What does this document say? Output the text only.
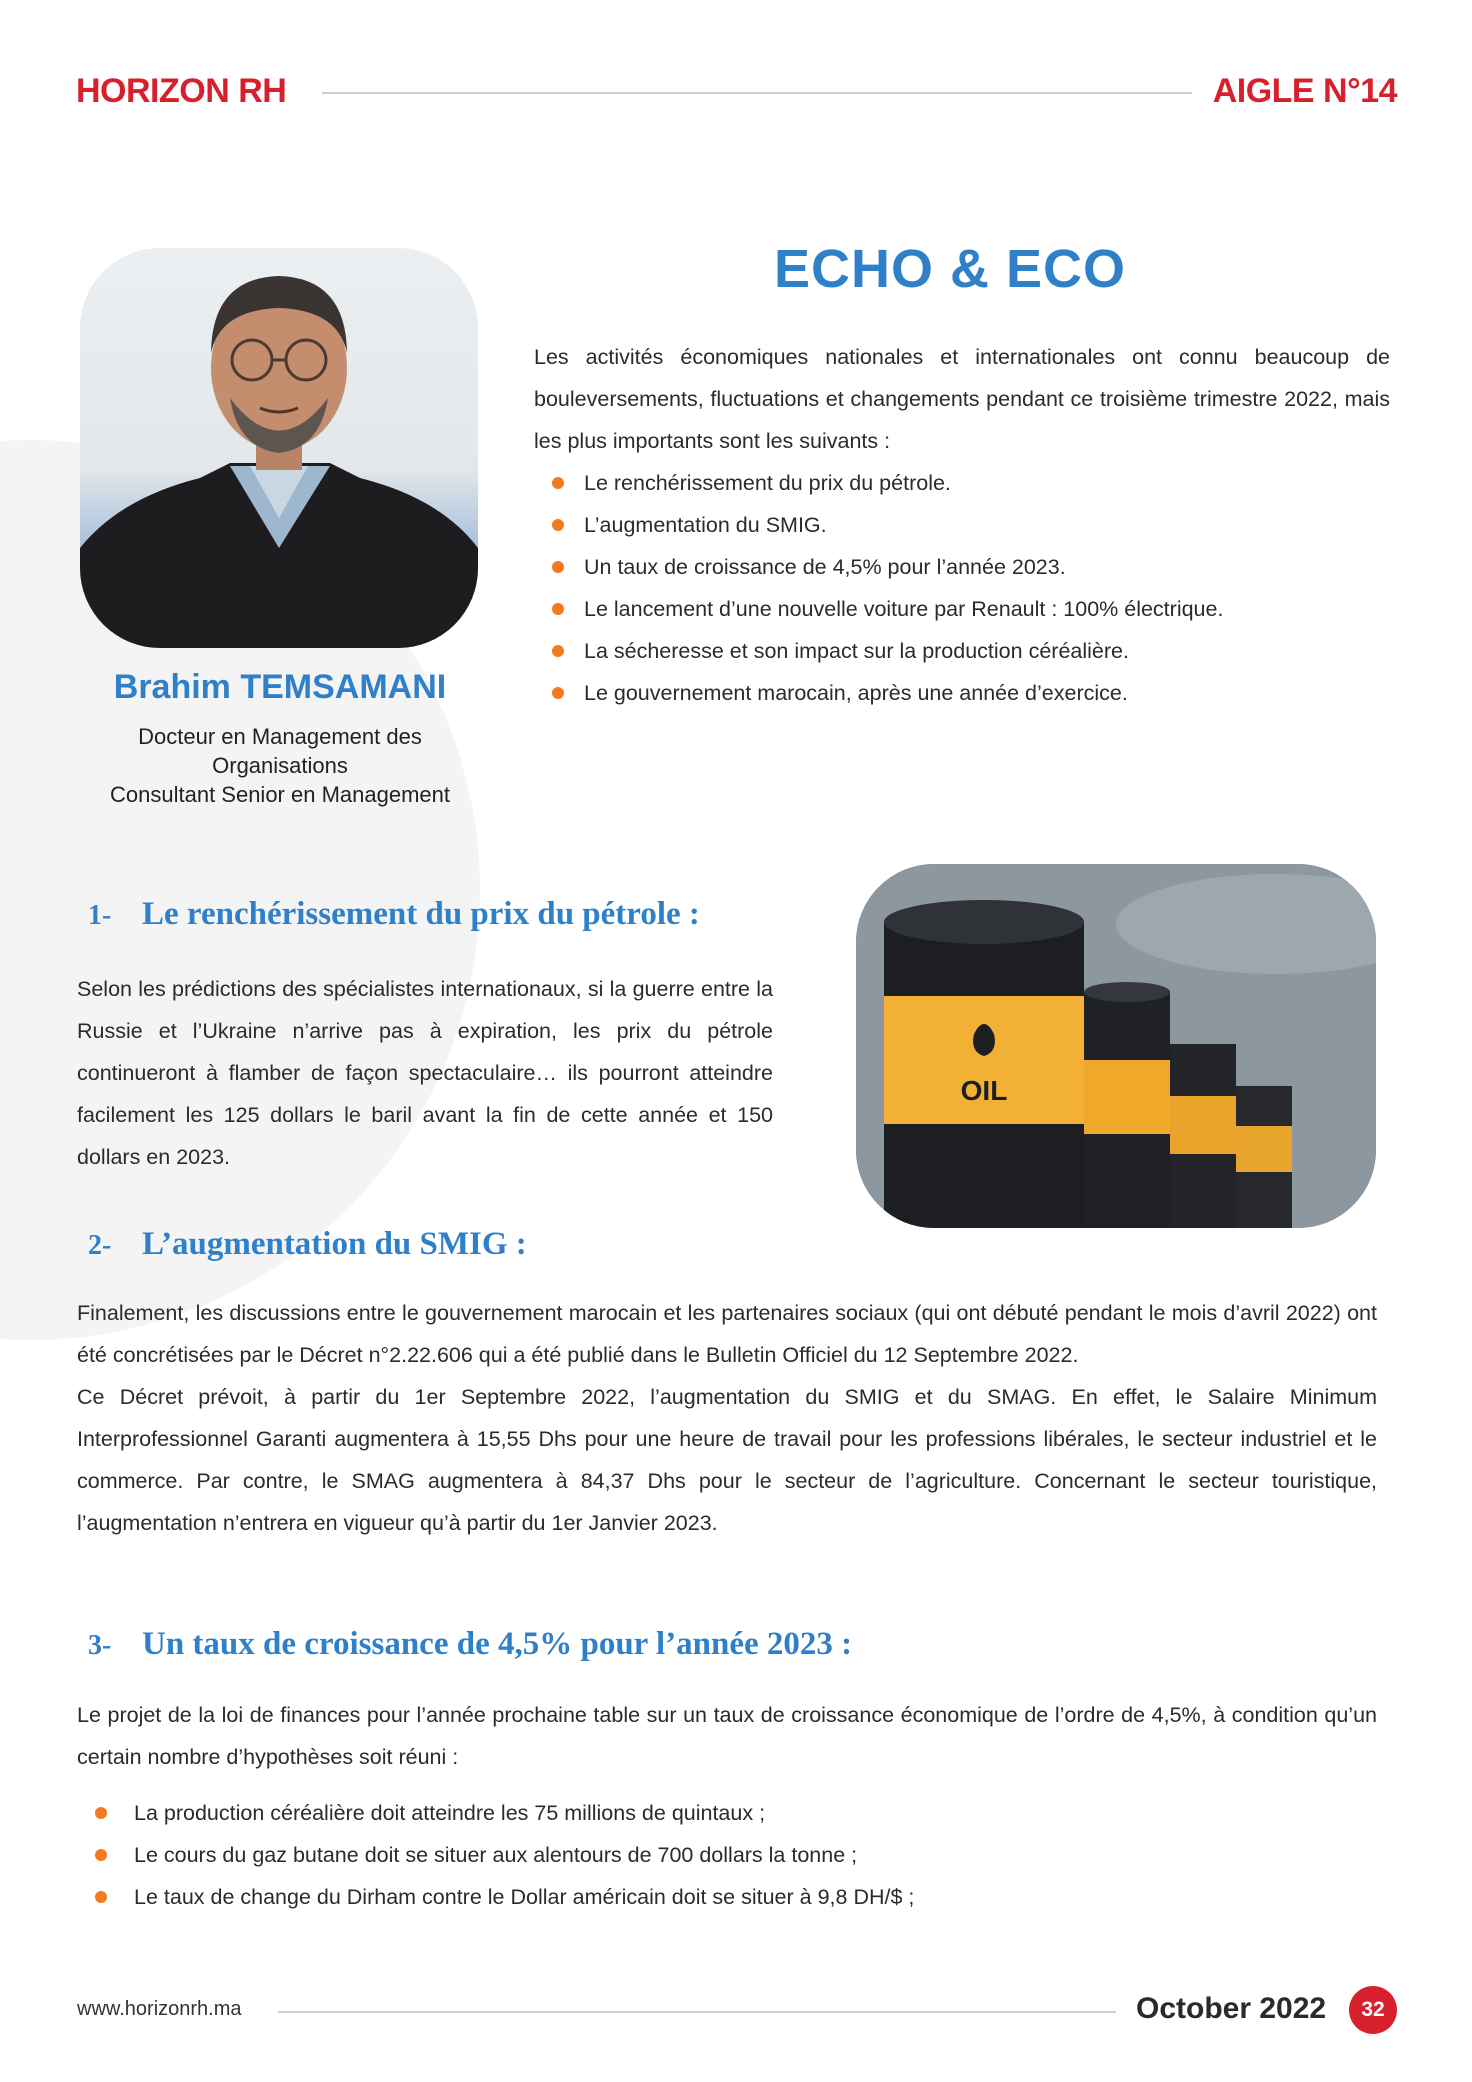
HORIZON RH	AIGLE N°14
Brahim TEMSAMANI
Docteur en Management des
Organisations
Consultant Senior en Management
ECHO & ECO
Les activités économiques nationales et internationales ont connu beaucoup de bouleversements, fluctuations et changements pendant ce troisième trimestre 2022, mais les plus importants sont les suivants :
Le renchérissement du prix du pétrole.
L’augmentation du SMIG.
Un taux de croissance de 4,5% pour l’année 2023.
Le lancement d’une nouvelle voiture par Renault : 100% électrique.
La sécheresse et son impact sur la production céréalière.
Le gouvernement marocain, après une année d’exercice.
1- Le renchérissement du prix du pétrole :
Selon les prédictions des spécialistes internationaux, si la guerre entre la Russie et l’Ukraine n’arrive pas à expiration, les prix du pétrole continueront à flamber de façon spectaculaire… ils pourront atteindre facilement les 125 dollars le baril avant la fin de cette année et 150 dollars en 2023.
OIL
2- L’augmentation du SMIG :

Finalement, les discussions entre le gouvernement marocain et les partenaires sociaux (qui ont débuté pendant le mois d’avril 2022) ont été concrétisées par le Décret n°2.22.606 qui a été publié dans le Bulletin Officiel du 12 Septembre 2022.

Ce Décret prévoit, à partir du 1er Septembre 2022, l’augmentation du SMIG et du SMAG. En effet, le Salaire Minimum Interprofessionnel Garanti augmentera à 15,55 Dhs pour une heure de travail pour les professions libérales, le secteur industriel et le commerce. Par contre, le SMAG augmentera à 84,37 Dhs pour le secteur de l’agriculture. Concernant le secteur touristique, l’augmentation n’entrera en vigueur qu’à partir du 1er Janvier 2023.

3- Un taux de croissance de 4,5% pour l’année 2023 :
Le projet de la loi de finances pour l’année prochaine table sur un taux de croissance économique de l’ordre de 4,5%, à condition qu’un certain nombre d’hypothèses soit réuni :
La production céréalière doit atteindre les 75 millions de quintaux ;
Le cours du gaz butane doit se situer aux alentours de 700 dollars la tonne ;
Le taux de change du Dirham contre le Dollar américain doit se situer à 9,8 DH/$ ;
www.horizonrh.ma	October 2022	32
